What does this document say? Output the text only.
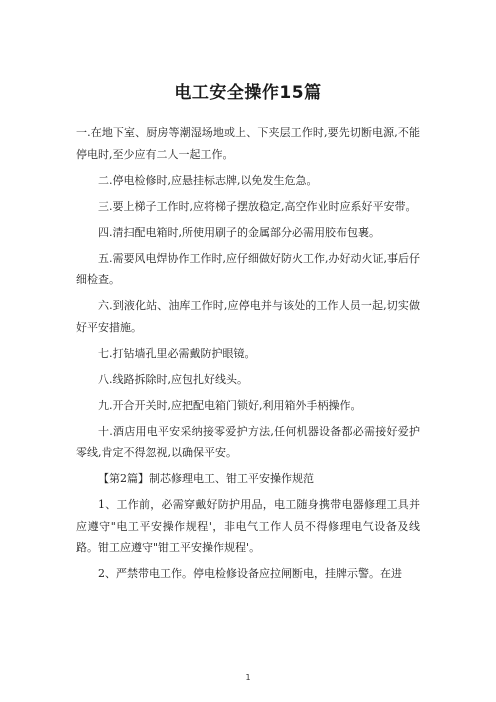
电工安全操作15篇

一.在地下室、厨房等潮湿场地或上、下夹层工作时,要先切断电源,不能停电时,至少应有二人一起工作。

二.停电检修时,应悬挂标志牌,以免发生危急。

三.要上梯子工作时,应将梯子摆放稳定,高空作业时应系好平安带。

四.清扫配电箱时,所使用刷子的金属部分必需用胶布包裹。

五.需要风电焊协作工作时,应仔细做好防火工作,办好动火证,事后仔细检查。

六.到液化站、油库工作时,应停电并与该处的工作人员一起,切实做好平安措施。

七.打钻墙孔里必需戴防护眼镜。

八.线路拆除时,应包扎好线头。

九.开合开关时,应把配电箱门锁好,利用箱外手柄操作。

十.酒店用电平安采纳接零爱护方法,任何机器设备都必需接好爱护零线,肯定不得忽视,以确保平安。

【第2篇】制芯修理电工、钳工平安操作规范

1、工作前，必需穿戴好防护用品，电工随身携带电器修理工具并应遵守"电工平安操作规程'，非电气工作人员不得修理电气设备及线路。钳工应遵守"钳工平安操作规程'。

2、严禁带电工作。停电检修设备应拉闸断电，挂牌示警。在进

1
